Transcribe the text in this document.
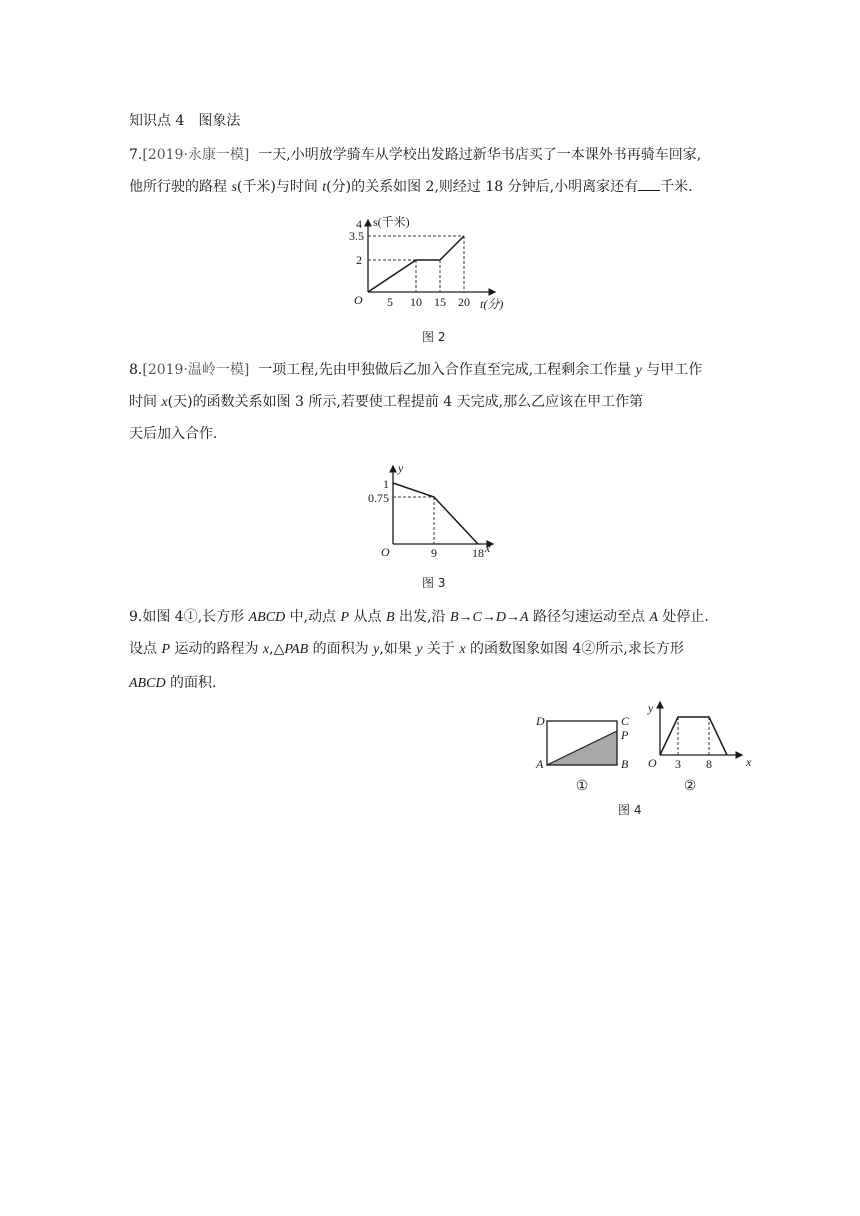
知识点 4　图象法
7.[2019·永康一模] 一天,小明放学骑车从学校出发路过新华书店买了一本课外书再骑车回家,
他所行驶的路程 s(千米)与时间 t(分)的关系如图 2,则经过 18 分钟后,小明离家还有 千米.
s(千米)
t(分)
O 5 10 15 20
2
3.5
4
图 2
8.[2019·温岭一模] 一项工程,先由甲独做后乙加入合作直至完成,工程剩余工作量 y 与甲工作
时间 x(天)的函数关系如图 3 所示,若要使工程提前 4 天完成,那么乙应该在甲工作第
天后加入合作.
y
x
O	9	18
1
0.75
图 3
9.如图 4①,长方形 ABCD 中,动点 P 从点 B 出发,沿 B→C→D→A 路径匀速运动至点 A 处停止.
设点 P 运动的路程为 x,△PAB 的面积为 y,如果 y 关于 x 的函数图象如图 4②所示,求长方形
ABCD 的面积.
D	C
P
A	B
①
y
x
O 3 8
②
图 4
